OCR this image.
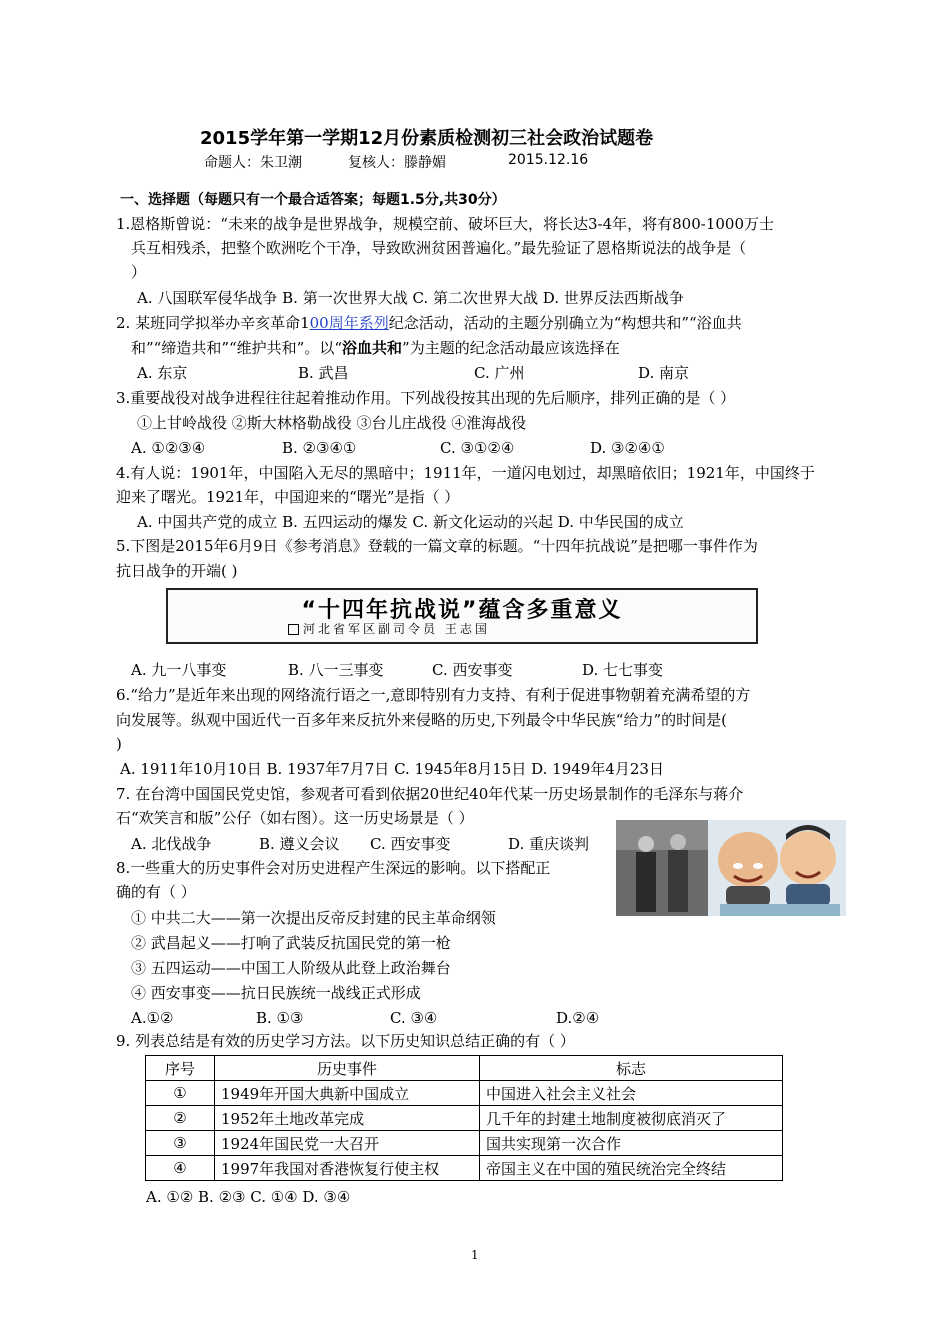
2015学年第一学期12月份素质检测初三社会政治试题卷
命题人：朱卫潮	复核人：滕静媚	2015.12.16
一、选择题（每题只有一个最合适答案；每题1.5分,共30分）
1.恩格斯曾说：“未来的战争是世界战争，规模空前、破坏巨大，将长达3-4年，将有800-1000万士
兵互相残杀，把整个欧洲吃个干净，导致欧洲贫困普遍化。”最先验证了恩格斯说法的战争是（
）
A. 八国联军侵华战争 B. 第一次世界大战 C. 第二次世界大战 D. 世界反法西斯战争
2. 某班同学拟举办辛亥革命100周年系列纪念活动，活动的主题分别确立为“构想共和”“浴血共
和”“缔造共和”“维护共和”。以“浴血共和”为主题的纪念活动最应该选择在
A. 东京	B. 武昌	C. 广州	D. 南京
3.重要战役对战争进程往往起着推动作用。下列战役按其出现的先后顺序，排列正确的是（ ）
①上甘岭战役 ②斯大林格勒战役 ③台儿庄战役 ④淮海战役
A. ①②③④	B. ②③④①	C. ③①②④	D. ③②④①
4.有人说：1901年，中国陷入无尽的黑暗中；1911年，一道闪电划过，却黑暗依旧；1921年，中国终于
迎来了曙光。1921年，中国迎来的“曙光”是指（ ）
A. 中国共产党的成立 B. 五四运动的爆发 C. 新文化运动的兴起 D. 中华民国的成立
5.下图是2015年6月9日《参考消息》登载的一篇文章的标题。“十四年抗战说”是把哪一事件作为
抗日战争的开端( )
“十四年抗战说”蕴含多重意义
河北省军区副司令员 王志国
A. 九一八事变	B. 八一三事变	C. 西安事变	D. 七七事变
6.“给力”是近年来出现的网络流行语之一,意即特别有力支持、有利于促进事物朝着充满希望的方
向发展等。纵观中国近代一百多年来反抗外来侵略的历史,下列最令中华民族“给力”的时间是(
)
A. 1911年10月10日 B. 1937年7月7日 C. 1945年8月15日 D. 1949年4月23日
7. 在台湾中国国民党史馆，参观者可看到依据20世纪40年代某一历史场景制作的毛泽东与蒋介
石“欢笑言和版”公仔（如右图）。这一历史场景是（ ）
A. 北伐战争	B. 遵义会议 C. 西安事变	D. 重庆谈判
8.一些重大的历史事件会对历史进程产生深远的影响。以下搭配正
确的有（ ）
① 中共二大——第一次提出反帝反封建的民主革命纲领
② 武昌起义——打响了武装反抗国民党的第一枪
③ 五四运动——中国工人阶级从此登上政治舞台
④ 西安事变——抗日民族统一战线正式形成
A.①②	B. ①③	C. ③④	D.②④
9. 列表总结是有效的历史学习方法。以下历史知识总结正确的有（ ）
序号	历史事件	标志
①	1949年开国大典新中国成立	中国进入社会主义社会
②	1952年土地改革完成	几千年的封建土地制度被彻底消灭了
③	1924年国民党一大召开	国共实现第一次合作
④	1997年我国对香港恢复行使主权	帝国主义在中国的殖民统治完全终结
A. ①② B. ②③ C. ①④ D. ③④
1
